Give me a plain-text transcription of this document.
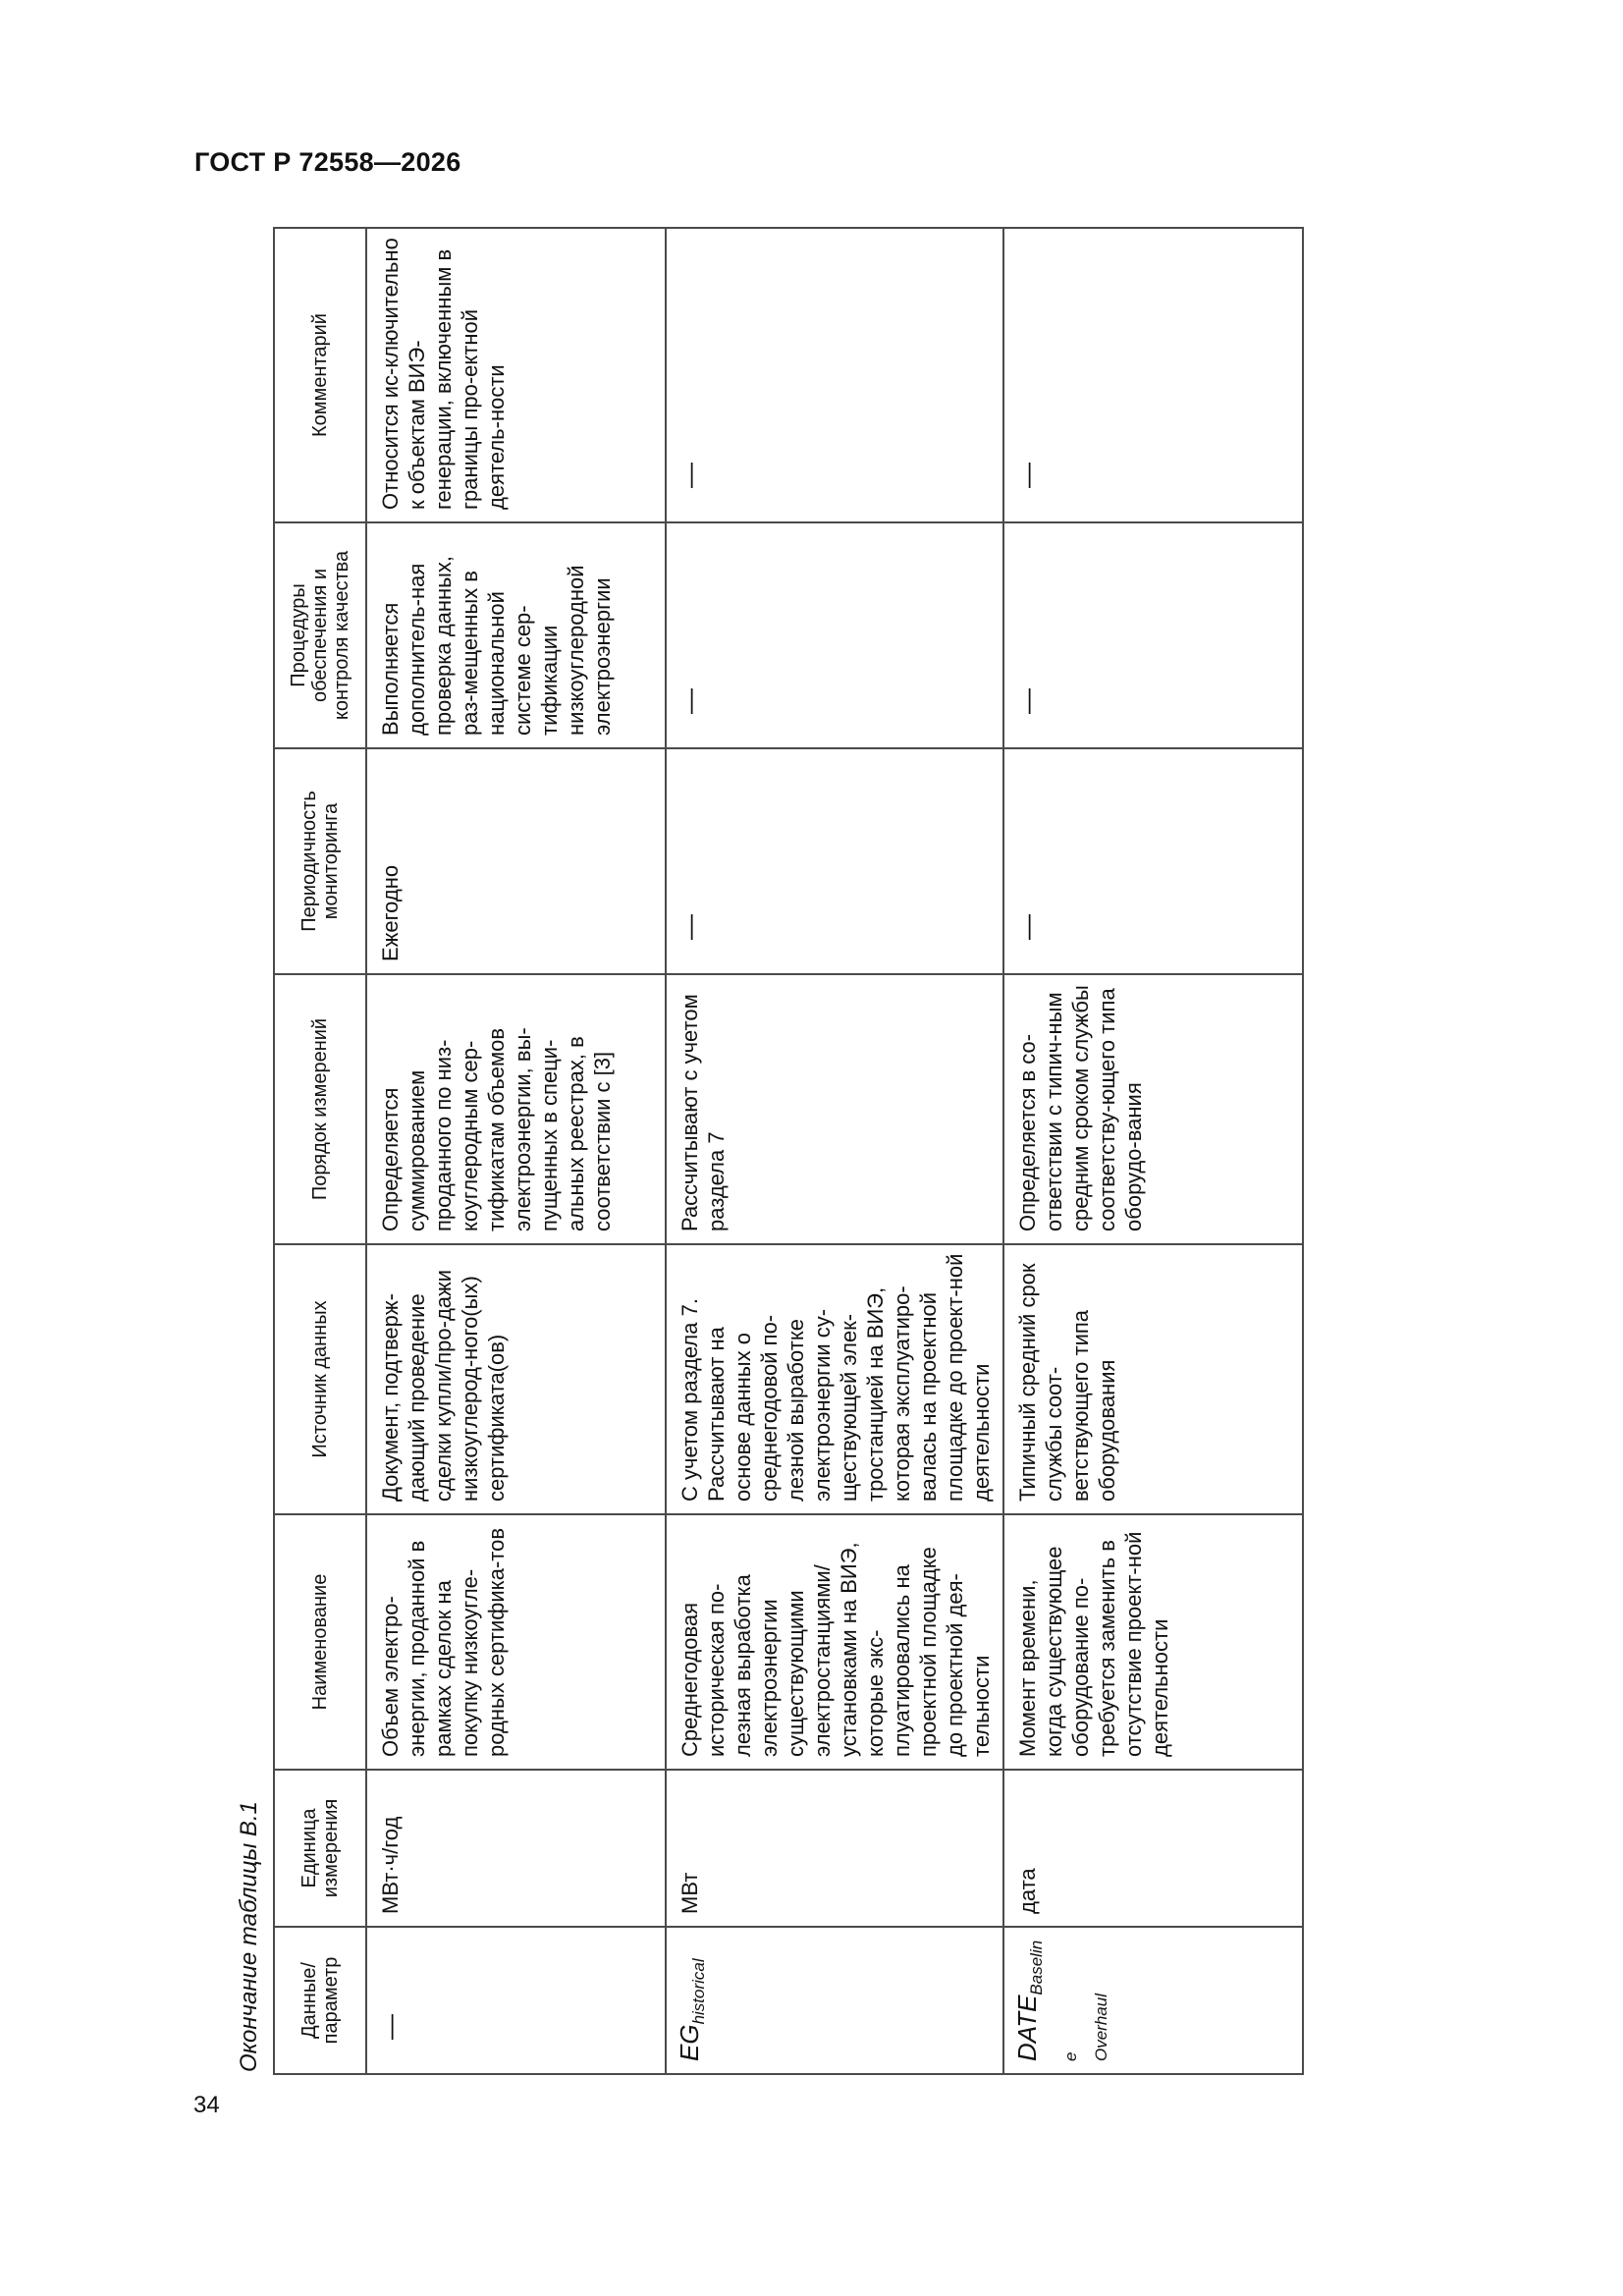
ГОСТ Р 72558—2026
34
Окончание таблицы В.1	Данные/ параметр	Единица измерения	Наименование	Источник данных	Порядок измерений	Периодичность мониторинга	Процедуры обеспечения и контроля качества	Комментарий
—	МВт·ч/год	Объем электро-энергии, проданной в рамках сделок на покупку низкоугле-родных сертифика-тов	Документ, подтверж-дающий проведение сделки купли/про-дажи низкоуглерод-ного(ых) сертификата(ов)	Определяется суммированием проданного по низ-коуглеродным сер-тификатам объемов электроэнергии, вы-пущенных в специ-альных реестрах, в соответствии с [3]	Ежегодно	Выполняется дополнитель-ная проверка данных, раз-мещенных в национальной системе сер-тификации низкоуглеродной электроэнергии	Относится ис-ключительно к объектам ВИЭ-генерации, включенным в границы про-ектной деятель-ности
$EG_{historical}$	МВт	Среднегодовая историческая по-лезная выработка электроэнергии существующими электростанциями/ установками на ВИЭ, которые экс-плуатировались на проектной площадке до проектной дея-тельности	С учетом раздела 7. Рассчитывают на основе данных о среднегодовой по-лезной выработке электроэнергии су-ществующей элек-тростанцией на ВИЭ, которая эксплуатиро-валась на проектной площадке до проект-ной деятельности	Рассчитывают с учетом раздела 7	—	—	—
$DATE_{Baseline}$ Overhaul	дата	Момент времени, когда существующее оборудование по-требуется заменить в отсутствие проект-ной деятельности	Типичный средний срок службы соот-ветствующего типа оборудования	Определяется в со-ответствии с типич-ным средним сроком службы соответству-ющего типа оборудо-вания	—	—	—
